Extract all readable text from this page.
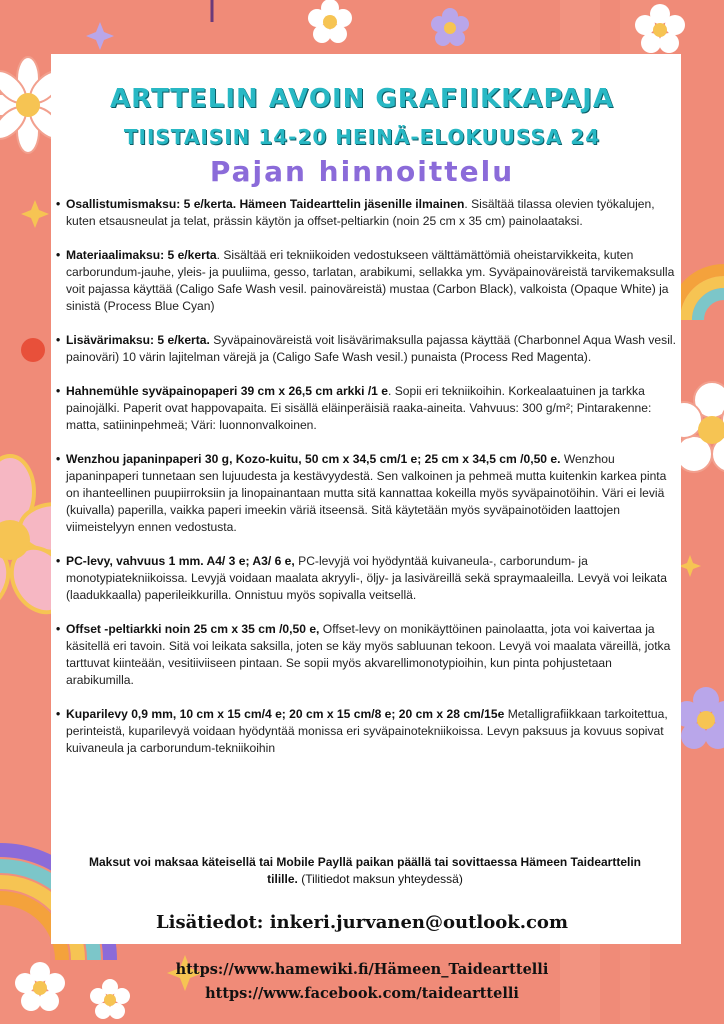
ARTTELIN AVOIN GRAFIIKKAPAJA
TIISTAISIN 14-20 HEINÄ-ELOKUUSSA 24
Pajan hinnoittelu
• Osallistumismaksu: 5 e/kerta. Hämeen Taidearttelin jäsenille ilmainen. Sisältää tilassa olevien työkalujen, kuten etsausneulat ja telat, prässin käytön ja offset-peltiarkin (noin 25 cm x 35 cm) painolaataksi.
• Materiaalimaksu: 5 e/kerta. Sisältää eri tekniikoiden vedostukseen välttämättömiä oheistarvikkeita, kuten carborundum-jauhe, yleis- ja puuliima, gesso, tarlatan, arabikumi, sellakka ym. Syväpainoväreistä tarvikemaksulla voit pajassa käyttää (Caligo Safe Wash vesil. painoväreistä) mustaa (Carbon Black), valkoista (Opaque White) ja sinistä (Process Blue Cyan)
• Lisävärimaksu: 5 e/kerta. Syväpainoväreistä voit lisävärimaksulla pajassa käyttää (Charbonnel Aqua Wash vesil. painoväri) 10 värin lajitelman värejä ja (Caligo Safe Wash vesil.) punaista (Process Red Magenta).
• Hahnemühle syväpainopaperi 39 cm x 26,5 cm arkki /1 e. Sopii eri tekniikoihin. Korkealaatuinen ja tarkka painojälki. Paperit ovat happovapaita. Ei sisällä eläinperäisiä raaka-aineita. Vahvuus: 300 g/m²; Pintarakenne: matta, satiininpehmeä; Väri: luonnonvalkoinen.
• Wenzhou japaninpaperi 30 g, Kozo-kuitu, 50 cm x 34,5 cm/1 e; 25 cm x 34,5 cm /0,50 e. Wenzhou japaninpaperi tunnetaan sen lujuudesta ja kestävyydestä. Sen valkoinen ja pehmeä mutta kuitenkin karkea pinta on ihanteellinen puupiirroksiin ja linopainantaan mutta sitä kannattaa kokeilla myös syväpainotöihin. Väri ei leviä (kuivalla) paperilla, vaikka paperi imeekin väriä itseensä. Sitä käytetään myös syväpainotöiden laattojen viimeistelyyn ennen vedostusta.
• PC-levy, vahvuus 1 mm. A4/ 3 e; A3/ 6 e, PC-levyjä voi hyödyntää kuivaneula-, carborundum- ja monotypiatekniikoissa. Levyjä voidaan maalata akryyli-, öljy- ja lasiväreillä sekä spraymaaleilla. Levyä voi leikata (laadukkaalla) paperileikkurilla. Onnistuu myös sopivalla veitsellä.
• Offset -peltiarkki noin 25 cm x 35 cm /0,50 e, Offset-levy on monikäyttöinen painolaatta, jota voi kaivertaa ja käsitellä eri tavoin. Sitä voi leikata saksilla, joten se käy myös sabluunan tekoon. Levyä voi maalata väreillä, jotka tarttuvat kiinteään, vesitiiviiseen pintaan. Se sopii myös akvarellimonotypioihin, kun pinta pohjustetaan arabikumilla.
• Kuparilevy 0,9 mm, 10 cm x 15 cm/4 e; 20 cm x 15 cm/8 e; 20 cm x 28 cm/15e Metalligrafiikkaan tarkoitettua, perinteistä, kuparilevyä voidaan hyödyntää monissa eri syväpainotekniikoissa. Levyn paksuus ja kovuus sopivat kuivaneula ja carborundum-tekniikoihin
Maksut voi maksaa käteisellä tai Mobile Payllä paikan päällä tai sovittaessa Hämeen Taidearttelin tilille. (Tilitiedot maksun yhteydessä)
Lisätiedot: inkeri.jurvanen@outlook.com
https://www.hamewiki.fi/Hämeen_Taidearttelli
https://www.facebook.com/taidearttelli
